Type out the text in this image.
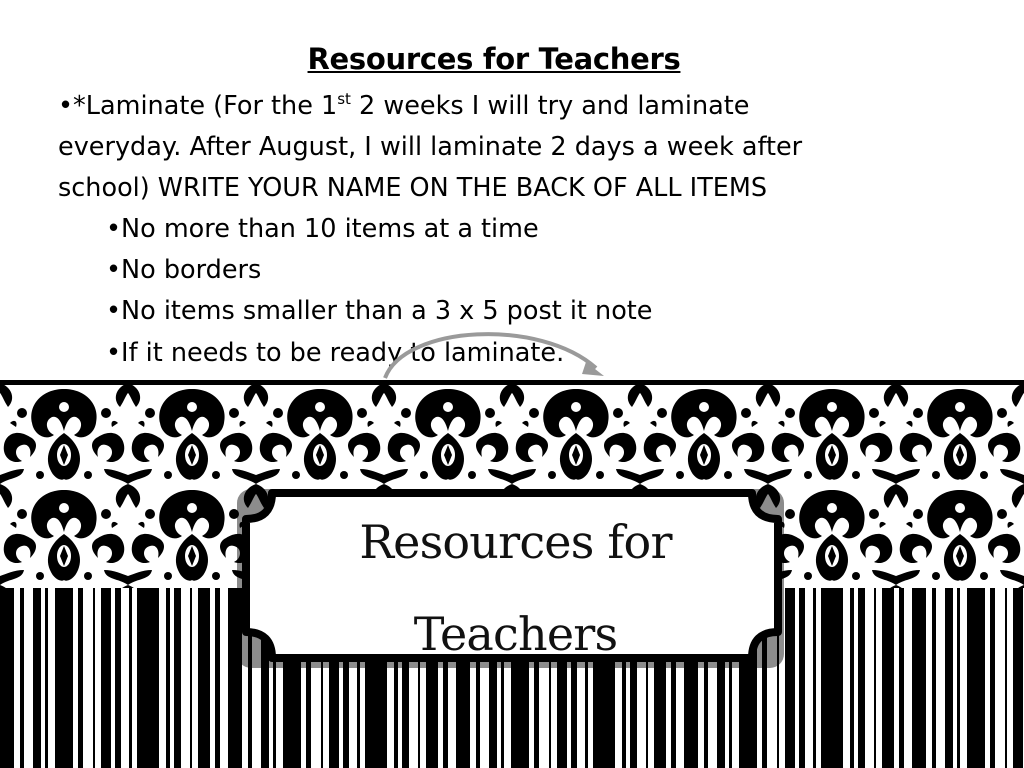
Resources for Teachers
•*Laminate (For the 1st 2 weeks I will try and laminate
everyday. After August, I will laminate 2 days a week after
school) WRITE YOUR NAME ON THE BACK OF ALL ITEMS
•No more than 10 items at a time
•No borders
•No items smaller than a 3 x 5 post it note
•If it needs to be ready to laminate.
Resources for
Teachers
